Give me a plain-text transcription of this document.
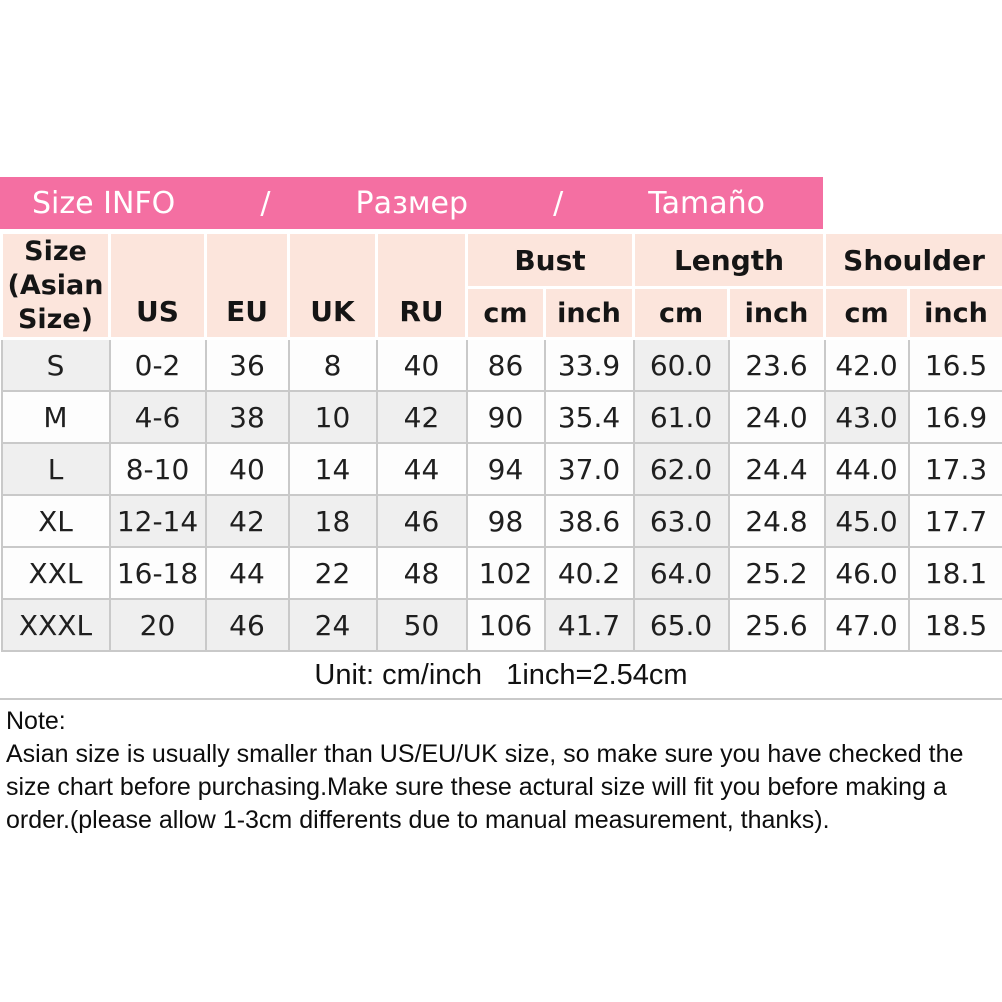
Size INFO	/	Размер	/	Tamaño
Size (Asian Size)	US	EU	UK	RU	Bust		Length		Shoulder	
					cm	inch	cm	inch	cm	inch
S	0-2	36	8	40	86	33.9	60.0	23.6	42.0	16.5
M	4-6	38	10	42	90	35.4	61.0	24.0	43.0	16.9
L	8-10	40	14	44	94	37.0	62.0	24.4	44.0	17.3
XL	12-14	42	18	46	98	38.6	63.0	24.8	45.0	17.7
XXL	16-18	44	22	48	102	40.2	64.0	25.2	46.0	18.1
XXXL	20	46	24	50	106	41.7	65.0	25.6	47.0	18.5
Unit: cm/inch   1inch=2.54cm
Note:
Asian size is usually smaller than US/EU/UK size, so make sure you have checked the
size chart before purchasing.Make sure these actural size will fit you before making a
order.(please allow 1-3cm differents due to manual measurement, thanks).
